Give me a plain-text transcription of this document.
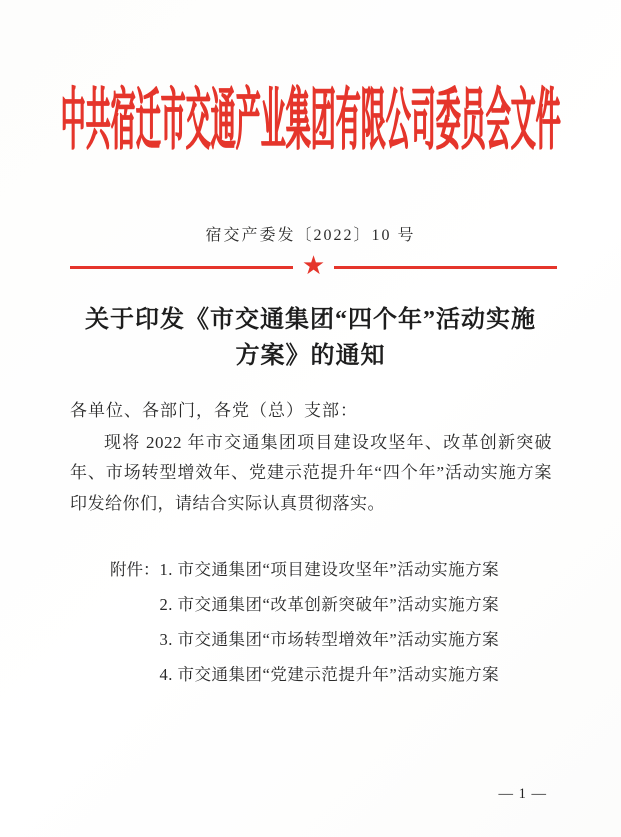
中共宿迁市交通产业集团有限公司委员会文件
宿交产委发〔2022〕10 号
★
关于印发《市交通集团“四个年”活动实施
方案》的通知
各单位、各部门，各党（总）支部：
现将 2022 年市交通集团项目建设攻坚年、改革创新突破年、市场转型增效年、党建示范提升年“四个年”活动实施方案印发给你们，请结合实际认真贯彻落实。
附件： 1. 市交通集团“项目建设攻坚年”活动实施方案
2. 市交通集团“改革创新突破年”活动实施方案
3. 市交通集团“市场转型增效年”活动实施方案
4. 市交通集团“党建示范提升年”活动实施方案
— 1 —
